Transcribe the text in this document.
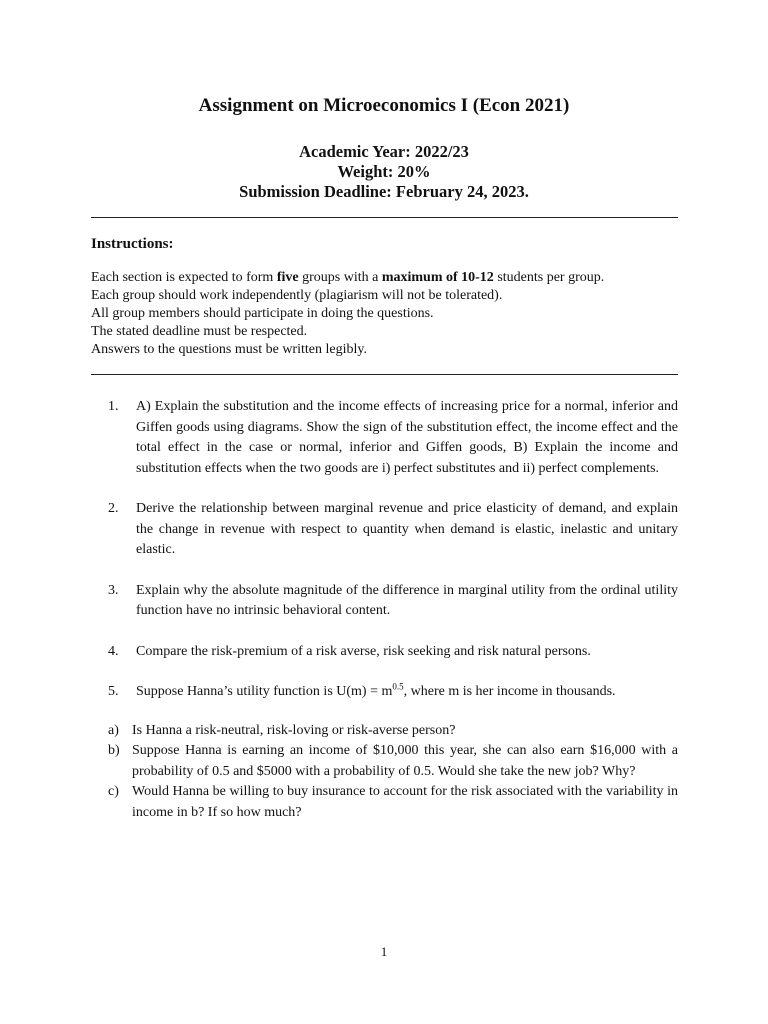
Assignment on Microeconomics I (Econ 2021)
Academic Year: 2022/23
Weight: 20%
Submission Deadline: February 24, 2023.
Instructions:
Each section is expected to form five groups with a maximum of 10-12 students per group.
Each group should work independently (plagiarism will not be tolerated).
All group members should participate in doing the questions.
The stated deadline must be respected.
Answers to the questions must be written legibly.
1.	A) Explain the substitution and the income effects of increasing price for a normal, inferior and Giffen goods using diagrams. Show the sign of the substitution effect, the income effect and the total effect in the case or normal, inferior and Giffen goods, B) Explain the income and substitution effects when the two goods are i) perfect substitutes and ii) perfect complements.
2.	Derive the relationship between marginal revenue and price elasticity of demand, and explain the change in revenue with respect to quantity when demand is elastic, inelastic and unitary elastic.
3.	Explain why the absolute magnitude of the difference in marginal utility from the ordinal utility function have no intrinsic behavioral content.
4.	Compare the risk-premium of a risk averse, risk seeking and risk natural persons.
5.	Suppose Hanna’s utility function is $U(m) = m^{0.5}$, where m is her income in thousands.
a) Is Hanna a risk-neutral, risk-loving or risk-averse person?
b) Suppose Hanna is earning an income of $10,000 this year, she can also earn $16,000 with a probability of 0.5 and $5000 with a probability of 0.5. Would she take the new job? Why?
c) Would Hanna be willing to buy insurance to account for the risk associated with the variability in income in b? If so how much?
1
